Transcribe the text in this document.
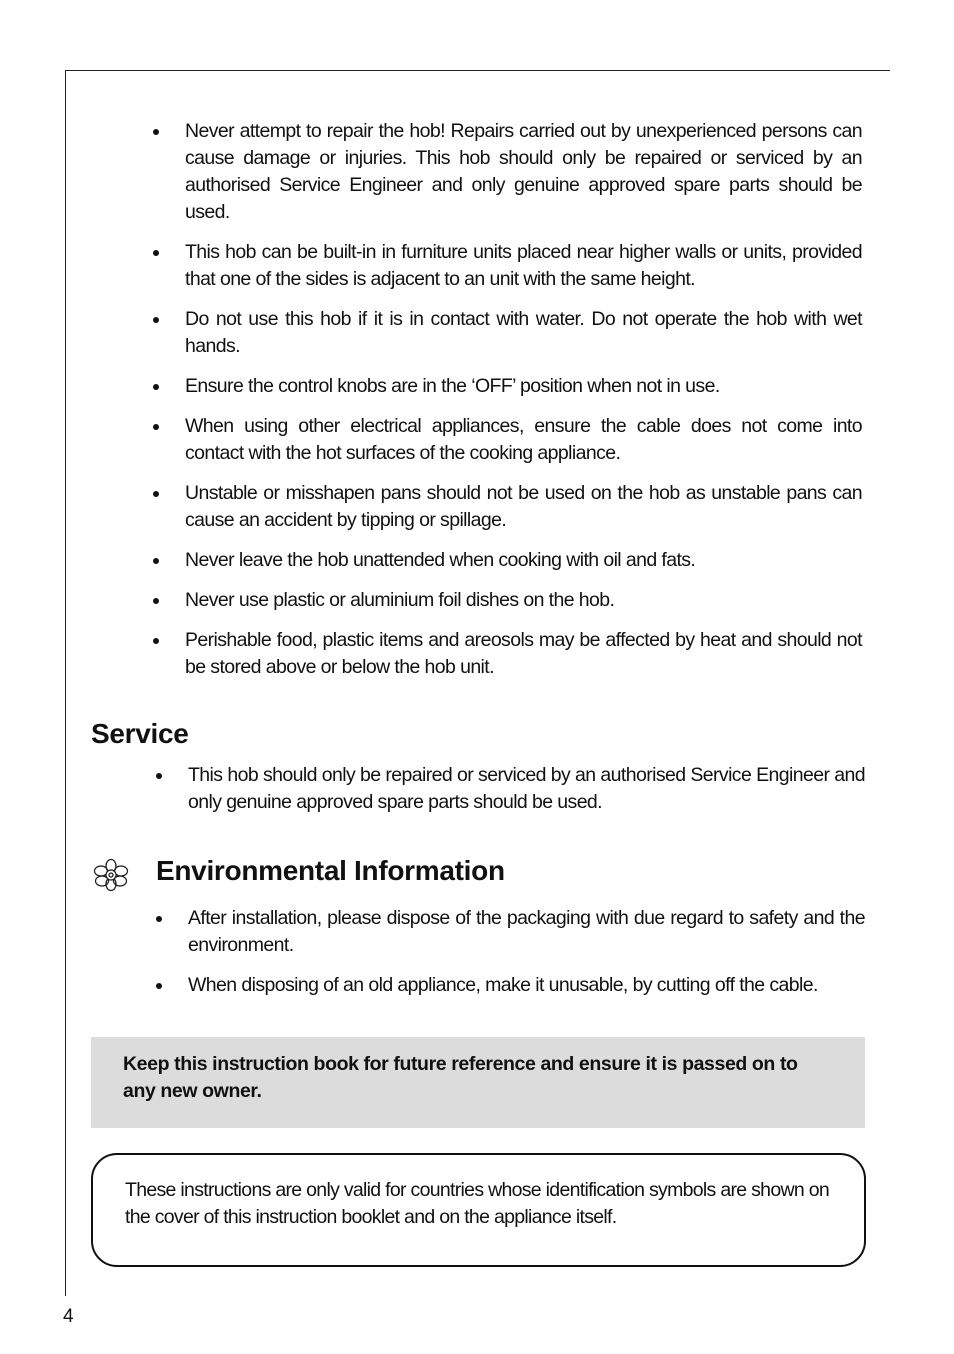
Never attempt to repair the hob! Repairs carried out by unexperienced persons can cause damage or injuries. This hob should only be repaired or serviced by an authorised Service Engineer and only genuine approved spare parts should be used.
This hob can be built-in in furniture units placed near higher walls or units, provided that one of the sides is adjacent to an unit with the same height.
Do not use this hob if it is in contact with water. Do not operate the hob with wet hands.
Ensure the control knobs are in the ‘OFF’ position when not in use.
When using other electrical appliances, ensure the cable does not come into contact with the hot surfaces of the cooking appliance.
Unstable or misshapen pans should not be used on the hob as unstable pans can cause an accident by tipping or spillage.
Never leave the hob unattended when cooking with oil and fats.
Never use plastic or aluminium foil dishes on the hob.
Perishable food, plastic items and areosols may be affected by heat and should not be stored above or below the hob unit.
Service
This hob should only be repaired or serviced by an authorised Service Engineer and only genuine approved spare parts should be used.
Environmental Information
After installation, please dispose of the packaging with due regard to safety and the environment.
When disposing of an old appliance, make it unusable, by cutting off the cable.
Keep this instruction book for future reference and ensure it is passed on to any new owner.
These instructions are only valid for countries whose identification symbols are shown on the cover of this instruction booklet and on the appliance itself.
4
